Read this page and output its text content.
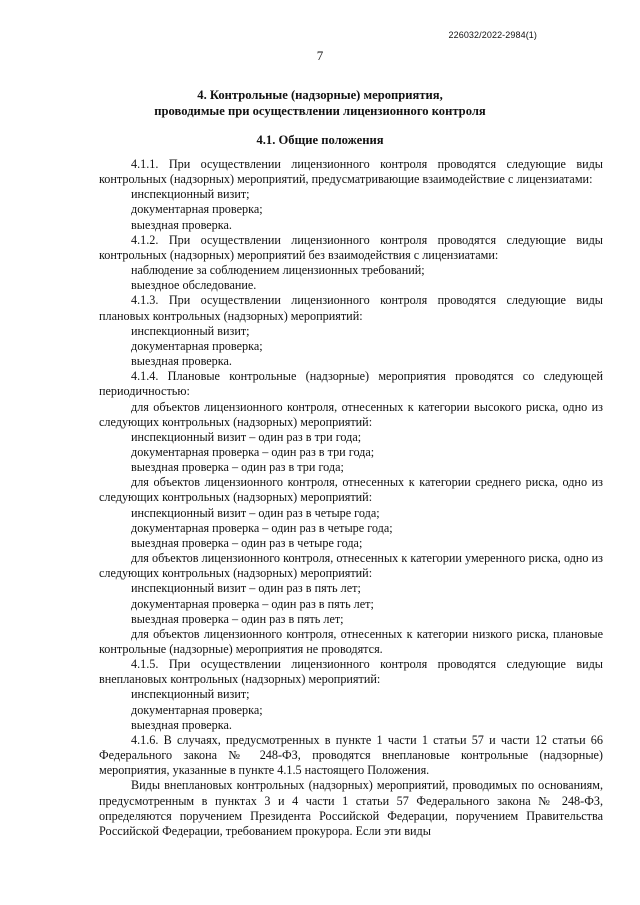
226032/2022-2984(1)
7
4. Контрольные (надзорные) мероприятия,
проводимые при осуществлении лицензионного контроля
4.1. Общие положения

4.1.1. При осуществлении лицензионного контроля проводятся следующие виды контрольных (надзорных) мероприятий, предусматривающие взаимодействие с лицензиатами:

инспекционный визит;

документарная проверка;

выездная проверка.

4.1.2. При осуществлении лицензионного контроля проводятся следующие виды контрольных (надзорных) мероприятий без взаимодействия с лицензиатами:

наблюдение за соблюдением лицензионных требований;

выездное обследование.

4.1.3. При осуществлении лицензионного контроля проводятся следующие виды плановых контрольных (надзорных) мероприятий:

инспекционный визит;

документарная проверка;

выездная проверка.

4.1.4. Плановые контрольные (надзорные) мероприятия проводятся со следующей периодичностью:

для объектов лицензионного контроля, отнесенных к категории высокого риска, одно из следующих контрольных (надзорных) мероприятий:

инспекционный визит – один раз в три года;

документарная проверка – один раз в три года;

выездная проверка – один раз в три года;

для объектов лицензионного контроля, отнесенных к категории среднего риска, одно из следующих контрольных (надзорных) мероприятий:

инспекционный визит – один раз в четыре года;

документарная проверка – один раз в четыре года;

выездная проверка – один раз в четыре года;

для объектов лицензионного контроля, отнесенных к категории умеренного риска, одно из следующих контрольных (надзорных) мероприятий:

инспекционный визит – один раз в пять лет;

документарная проверка – один раз в пять лет;

выездная проверка – один раз в пять лет;

для объектов лицензионного контроля, отнесенных к категории низкого риска, плановые контрольные (надзорные) мероприятия не проводятся.

4.1.5. При осуществлении лицензионного контроля проводятся следующие виды внеплановых контрольных (надзорных) мероприятий:

инспекционный визит;

документарная проверка;

выездная проверка.

4.1.6. В случаях, предусмотренных в пункте 1 части 1 статьи 57 и части 12 статьи 66 Федерального закона № 248-ФЗ, проводятся внеплановые контрольные (надзорные) мероприятия, указанные в пункте 4.1.5 настоящего Положения.

Виды внеплановых контрольных (надзорных) мероприятий, проводимых по основаниям, предусмотренным в пунктах 3 и 4 части 1 статьи 57 Федерального закона № 248-ФЗ, определяются поручением Президента Российской Федерации, поручением Правительства Российской Федерации, требованием прокурора. Если эти виды
